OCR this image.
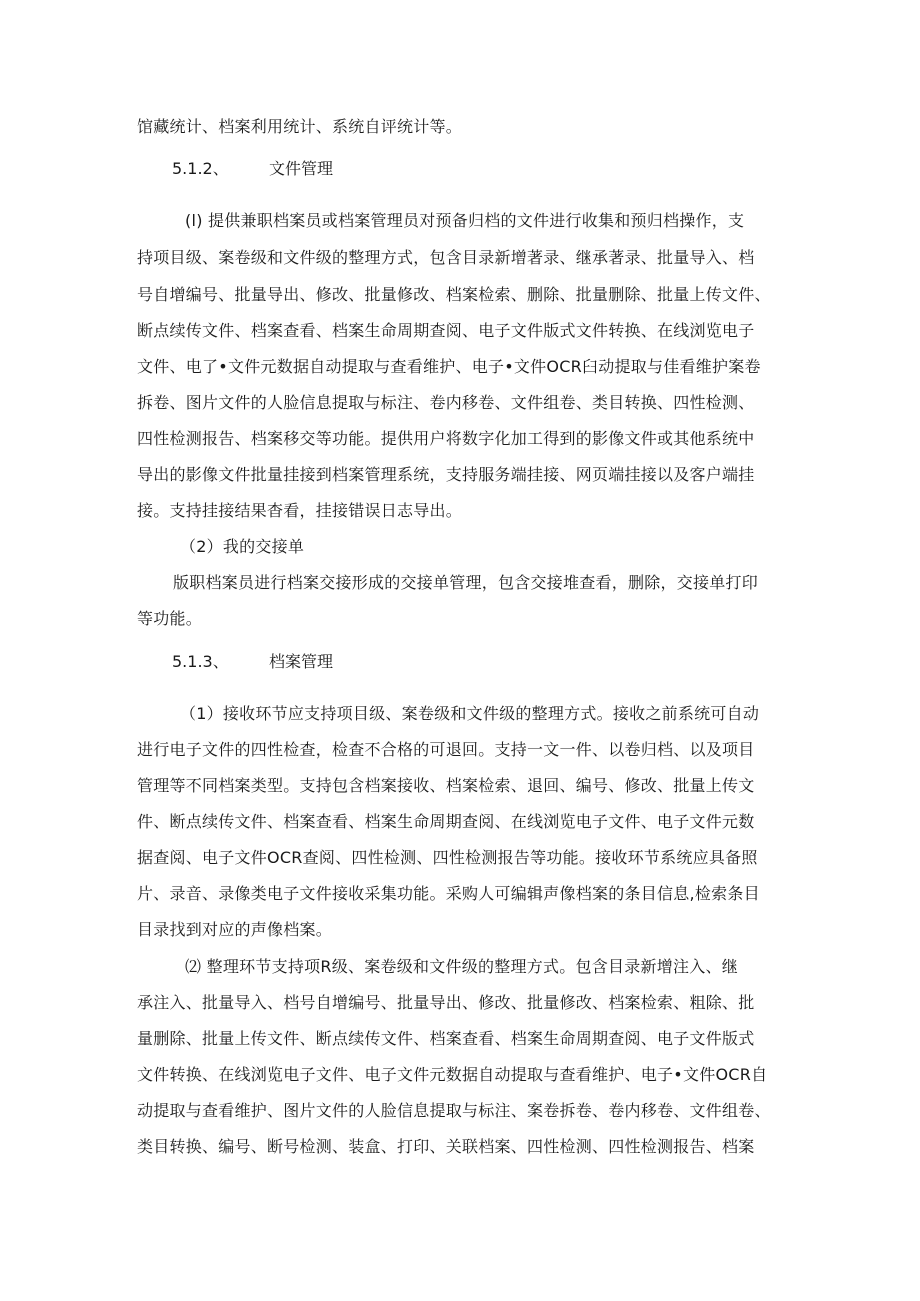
馆藏统计、档案利用统计、系统自评统计等。
5.1.2、	文件管理
(l) 提供兼职档案员或档案管理员对预备归档的文件进行收集和预归档操作，支
持项目级、案卷级和文件级的整理方式，包含目录新增著录、继承著录、批量导入、档
号自增编号、批量导出、修改、批量修改、档案检索、删除、批量删除、批量上传文件、
断点续传文件、档案查看、档案生命周期查阅、电子文件版式文件转换、在线浏览电子
文件、电了•文件元数据自动提取与查看维护、电子•文件OCR臼动提取与佳看维护案卷
拆卷、图片文件的人脸信息提取与标注、卷内移卷、文件组卷、类目转换、四性检测、
四性检测报告、档案移交等功能。提供用户将数字化加工得到的影像文件或其他系统中
导出的影像文件批量挂接到档案管理系统，支持服务端挂接、网页端挂接以及客户端挂
接。支持挂接结果杳看，挂接错误日志导出。
（2）我的交接单
版职档案员进行档案交接形成的交接单管理，包含交接堆查看，删除，交接单打印
等功能。
5.1.3、	档案管理
（1）接收环节应支持项目级、案卷级和文件级的整理方式。接收之前系统可自动
进行电子文件的四性检查，检查不合格的可退回。支持一文一件、以卷归档、以及项目
管理等不同档案类型。支持包含档案接收、档案检索、退回、编号、修改、批量上传文
件、断点续传文件、档案查看、档案生命周期查阅、在线浏览电子文件、电子文件元数
据查阅、电子文件OCR查阅、四性检测、四性检测报告等功能。接收环节系统应具备照
片、录音、录像类电子文件接收采集功能。采购人可编辑声像档案的条目信息,检索条目
目录找到对应的声像档案。
⑵ 整理环节支持项R级、案卷级和文件级的整理方式。包含目录新增注入、继
承注入、批量导入、档号自增编号、批量导出、修改、批量修改、档案检索、粗除、批
量删除、批量上传文件、断点续传文件、档案查看、档案生命周期查阅、电子文件版式
文件转换、在线浏览电子文件、电子文件元数据自动提取与查看维护、电子•文件OCR自
动提取与查看维护、图片文件的人脸信息提取与标注、案卷拆卷、卷内移卷、文件组卷、
类目转换、编号、断号检测、装盒、打印、关联档案、四性检测、四性检测报告、档案
